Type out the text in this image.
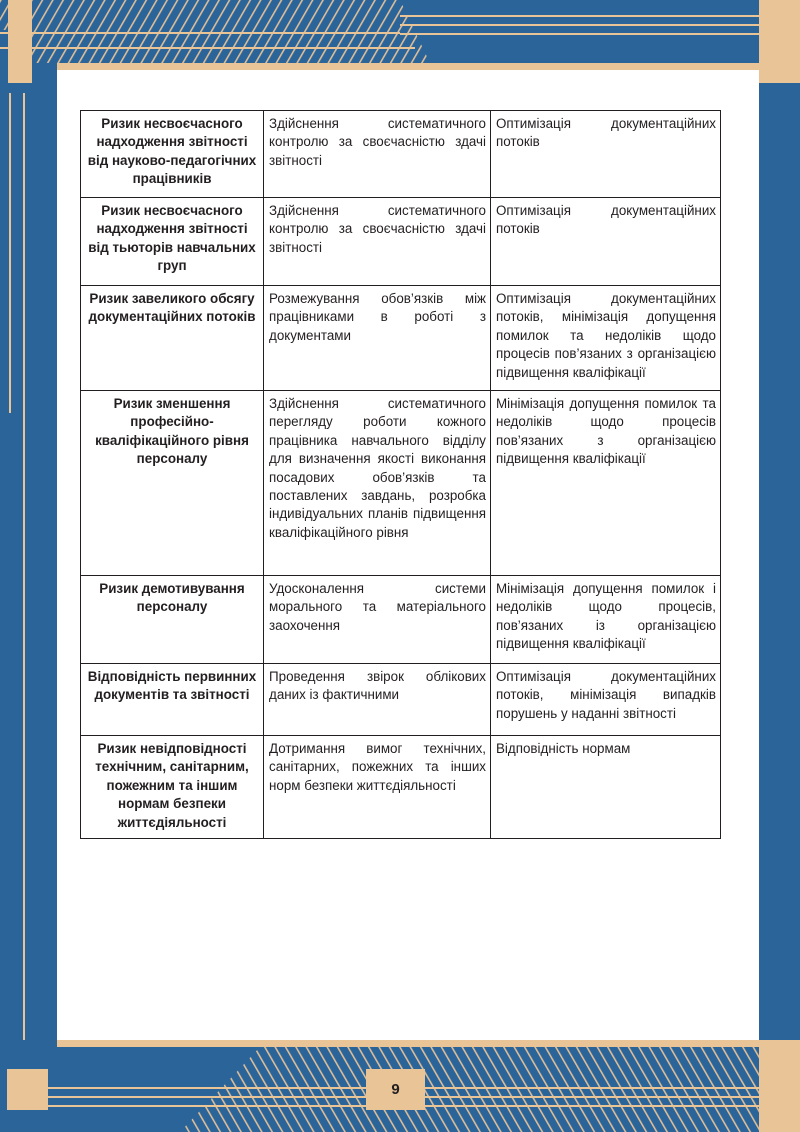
Ризик несвоєчасного надходження звітності від науково-педагогічних працівників	Здійснення систематичного контролю за своєчасністю здачі звітності	Оптимізація документаційних потоків
Ризик несвоєчасного надходження звітності від тьюторів навчальних груп	Здійснення систематичного контролю за своєчасністю здачі звітності	Оптимізація документаційних потоків
Ризик завеликого обсягу документаційних потоків	Розмежування обов’язків між працівниками в роботі з документами	Оптимізація документаційних потоків, мінімізація допущення помилок та недоліків щодо процесів пов’язаних з організацією підвищення кваліфікації
Ризик зменшення професійно-кваліфікаційного рівня персоналу	Здійснення систематичного перегляду роботи кожного працівника навчального відділу для визначення якості виконання посадових обов’язків та поставлених завдань, розробка індивідуальних планів підвищення кваліфікаційного рівня	Мінімізація допущення помилок та недоліків щодо процесів пов’язаних з організацією підвищення кваліфікації
Ризик демотивування персоналу	Удосконалення системи морального та матеріального заохочення	Мінімізація допущення помилок і недоліків щодо процесів, пов’язаних із організацією підвищення кваліфікації
Відповідність первинних документів та звітності	Проведення звірок облікових даних із фактичними	Оптимізація документаційних потоків, мінімізація випадків порушень у наданні звітності
Ризик невідповідності технічним, санітарним, пожежним та іншим нормам безпеки життєдіяльності	Дотримання вимог технічних, санітарних, пожежних та інших норм безпеки життєдіяльності	Відповідність нормам
9
